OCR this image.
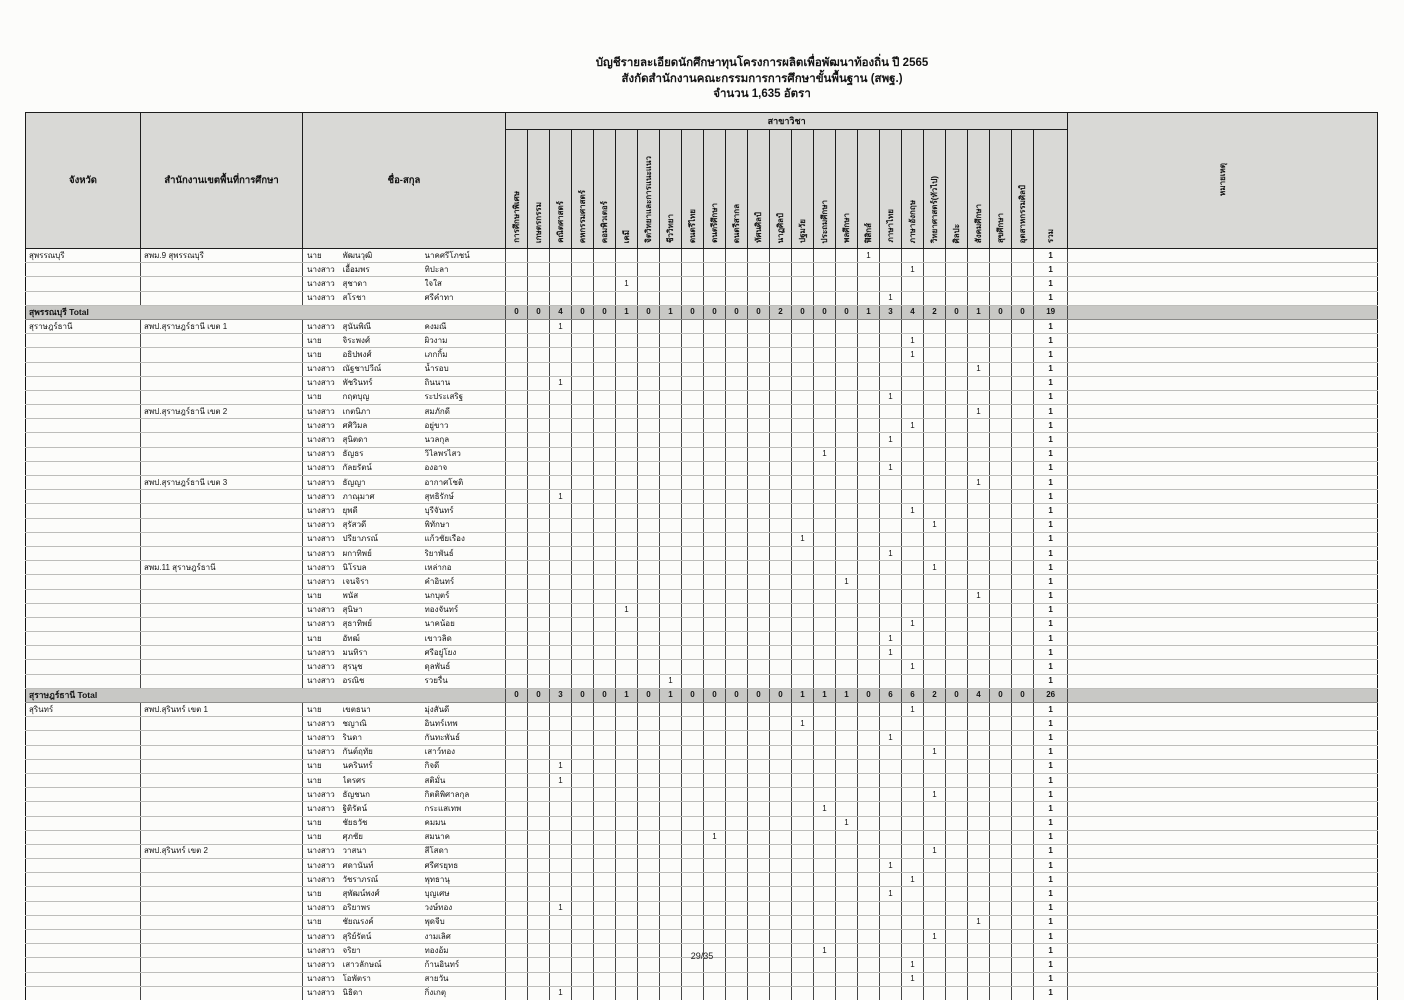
บัญชีรายละเอียดนักศึกษาทุนโครงการผลิตเพื่อพัฒนาท้องถิ่น ปี 2565
สังกัดสำนักงานคณะกรรมการการศึกษาขั้นพื้นฐาน (สพฐ.)
จำนวน 1,635 อัตรา
จังหวัด	สำนักงานเขตพื้นที่การศึกษา	ชื่อ-สกุล			สาขาวิชา																									หมายเหตุ
					การศึกษาพิเศษ	เกษตรกรรม	คณิตศาสตร์	คหกรรมศาสตร์	คอมพิวเตอร์	เคมี	จิตวิทยาและการแนะแนว	ชีววิทยา	ดนตรีไทย	ดนตรีศึกษา	ดนตรีสากล	ทัศนศิลป์	นาฏศิลป์	ปฐมวัย	ประถมศึกษา	พลศึกษา	ฟิสิกส์	ภาษาไทย	ภาษาอังกฤษ	วิทยาศาสตร์(ทั่วไป)	ศิลปะ	สังคมศึกษา	สุขศึกษา	อุตสาหกรรมศิลป์	รวม	
สุพรรณบุรี	สพม.9 สุพรรณบุรี	นาย	พัฒนวุฒิ	นาคศรีโภชน์																	1								1	
		นางสาว	เอื้อมพร	ทิปะลา																			1						1	
		นางสาว	สุชาดา	ใจใส						1																			1	
		นางสาว	สโรชา	ศรีคำทา																		1							1	
สุพรรณบุรี Total					0	0	4	0	0	1	0	1	0	0	0	0	2	0	0	0	1	3	4	2	0	1	0	0	19	
สุราษฎร์ธานี	สพป.สุราษฎร์ธานี เขต 1	นางสาว	สุนันพิณี	คงมณี			1																						1	
		นาย	จิระพงศ์	ผิวงาม																			1						1	
		นาย	อธิปพงศ์	เภกกิ้ม																			1						1	
		นางสาว	ณัฐชาปวีณ์	น้ำรอบ																						1			1	
		นางสาว	พัชรินทร์	ถินนาน			1																						1	
		นาย	กฤตบุญ	ระประเสริฐ																		1							1	
	สพป.สุราษฎร์ธานี เขต 2	นางสาว	เกตนิภา	สมภักดี																						1			1	
		นางสาว	ศศิวิมล	อยู่ขาว																			1						1	
		นางสาว	สุนิตดา	นวลกุล																		1							1	
		นางสาว	ธัญธร	วิไลพรไสว															1										1	
		นางสาว	กัลยรัตน์	องอาจ																		1							1	
	สพป.สุราษฎร์ธานี เขต 3	นางสาว	ธัญญา	อากาศโชติ																						1			1	
		นางสาว	ภาณุมาศ	สุทธิรักษ์			1																						1	
		นางสาว	ยุพดี	บุรีจันทร์																			1						1	
		นางสาว	สุรัสวดี	พิทักษา																				1					1	
		นางสาว	ปรียาภรณ์	แก้วชัยเรือง														1											1	
		นางสาว	ผกาทิพย์	ริยาพันธ์																		1							1	
	สพม.11 สุราษฎร์ธานี	นางสาว	นิโรบล	เหล่ากอ																				1					1	
		นางสาว	เจนจิรา	คำอินทร์																1									1	
		นาย	พนัส	นกบุตร์																						1			1	
		นางสาว	สุนิษา	ทองจันทร์						1																			1	
		นางสาว	สุธาทิพย์	นาคน้อย																			1						1	
		นาย	อัทฒ์	เขาวลิด																		1							1	
		นางสาว	มนทิรา	ศรีอยู่โยง																		1							1	
		นางสาว	สุรนุช	ดุลพันธ์																			1						1	
		นางสาว	อรณิช	รวยรื่น								1																	1	
สุราษฎร์ธานี Total					0	0	3	0	0	1	0	1	0	0	0	0	0	1	1	1	0	6	6	2	0	4	0	0	26	
สุรินทร์	สพป.สุรินทร์ เขต 1	นาย	เขตธนา	มุ่งสันดี																			1						1	
		นางสาว	ชญาณิ	อินทร์เทพ														1											1	
		นางสาว	รินดา	กันทะพันธ์																		1							1	
		นางสาว	กันต์ฤทัย	เสาว์ทอง																				1					1	
		นาย	นครินทร์	กิจดี			1																						1	
		นาย	ไตรศร	สติมั่น			1																						1	
		นางสาว	ธัญชนก	กิตติพิศาลกุล																				1					1	
		นางสาว	ฐิติรัตน์	กระแสเทพ															1										1	
		นาย	ชัยธวัช	คมมน																1									1	
		นาย	ศุภชัย	สมนาค										1															1	
	สพป.สุรินทร์ เขต 2	นางสาว	วาสนา	สีโสดา																				1					1	
		นางสาว	ศดานันท์	ศรีศรยุทธ																		1							1	
		นางสาว	วัชราภรณ์	พุทธานุ																			1						1	
		นาย	สุพัฒน์พงศ์	บุญเศษ																		1							1	
		นางสาว	อริยาพร	วงษ์ทอง			1																						1	
		นาย	ชัยณรงค์	พุดจีบ																						1			1	
		นางสาว	สุริย์รัตน์	งามเลิศ																				1					1	
		นางสาว	จริยา	ทองอ้ม															1										1	
		นางสาว	เสาวลักษณ์	ก้านอินทร์																			1						1	
		นางสาว	โอพัตรา	สายวัน																			1						1	
		นางสาว	นิธิดา	กิ่งเกตุ			1																						1	
29/35
